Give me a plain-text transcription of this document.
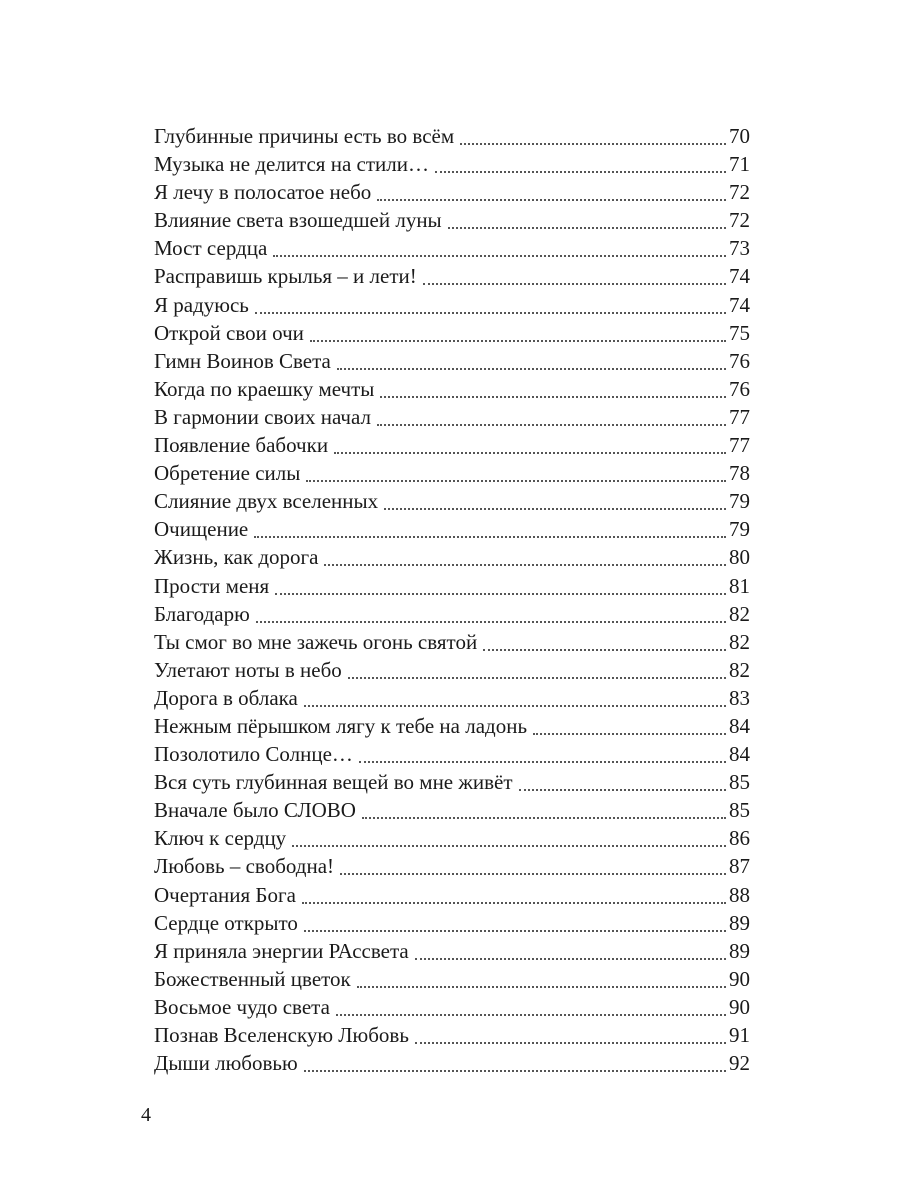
Глубинные причины есть во всём	70
Музыка не делится на стили…	71
Я лечу в полосатое небо	72
Влияние света взошедшей луны	72
Мост сердца	73
Расправишь крылья – и лети!	74
Я радуюсь	74
Открой свои очи	75
Гимн Воинов Света	76
Когда по краешку мечты	76
В гармонии своих начал	77
Появление бабочки	77
Обретение силы	78
Слияние двух вселенных	79
Очищение	79
Жизнь, как дорога	80
Прости меня	81
Благодарю	82
Ты смог во мне зажечь огонь святой	82
Улетают ноты в небо	82
Дорога в облака	83
Нежным пёрышком лягу к тебе на ладонь	84
Позолотило Солнце…	84
Вся суть глубинная вещей во мне живёт	85
Вначале было СЛОВО	85
Ключ к сердцу	86
Любовь – свободна!	87
Очертания Бога	88
Сердце открыто	89
Я приняла энергии РАссвета	89
Божественный цветок	90
Восьмое чудо света	90
Познав Вселенскую Любовь	91
Дыши любовью	92
4
